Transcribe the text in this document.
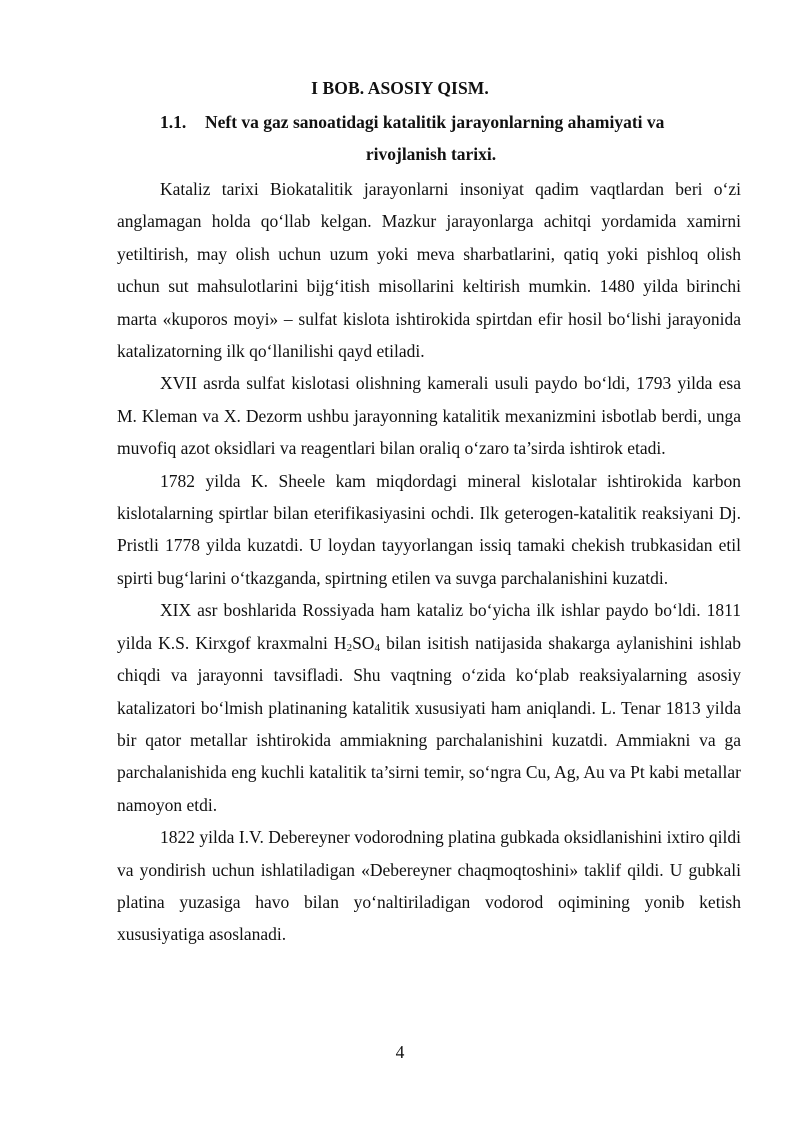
I BOB. ASOSIY QISM.
1.1. Neft va gaz sanoatidagi katalitik jarayonlarning ahamiyati va
rivojlanish tarixi.

Kataliz tarixi Biokatalitik jarayonlarni insoniyat qadim vaqtlardan beri o‘zi anglamagan holda qo‘llab kelgan. Mazkur jarayonlarga achitqi yordamida xamirni yetiltirish, may olish uchun uzum yoki meva sharbatlarini, qatiq yoki pishloq olish uchun sut mahsulotlarini bijg‘itish misollarini keltirish mumkin. 1480 yilda birinchi marta «kuporos moyi» – sulfat kislota ishtirokida spirtdan efir hosil bo‘lishi jarayonida katalizatorning ilk qo‘llanilishi qayd etiladi.

XVII asrda sulfat kislotasi olishning kamerali usuli paydo bo‘ldi, 1793 yilda esa M. Kleman va X. Dezorm ushbu jarayonning katalitik mexanizmini isbotlab berdi, unga muvofiq azot oksidlari va reagentlari bilan oraliq o‘zaro ta’sirda ishtirok etadi.

1782 yilda K. Sheele kam miqdordagi mineral kislotalar ishtirokida karbon kislotalarning spirtlar bilan eterifikasiyasini ochdi. Ilk geterogen-katalitik reaksiyani Dj. Pristli 1778 yilda kuzatdi. U loydan tayyorlangan issiq tamaki chekish trubkasidan etil spirti bug‘larini o‘tkazganda, spirtning etilen va suvga parchalanishini kuzatdi.

XIX asr boshlarida Rossiyada ham kataliz bo‘yicha ilk ishlar paydo bo‘ldi. 1811 yilda K.S. Kirxgof kraxmalni $H_2SO_4$ bilan isitish natijasida shakarga aylanishini ishlab chiqdi va jarayonni tavsifladi. Shu vaqtning o‘zida ko‘plab reaksiyalarning asosiy katalizatori bo‘lmish platinaning katalitik xususiyati ham aniqlandi. L. Tenar 1813 yilda bir qator metallar ishtirokida ammiakning parchalanishini kuzatdi. Ammiakni va ga parchalanishida eng kuchli katalitik ta’sirni temir, so‘ngra Cu, Ag, Au va Pt kabi metallar namoyon etdi.

1822 yilda I.V. Debereyner vodorodning platina gubkada oksidlanishini ixtiro qildi va yondirish uchun ishlatiladigan «Debereyner chaqmoqtoshini» taklif qildi. U gubkali platina yuzasiga havo bilan yo‘naltiriladigan vodorod oqimining yonib ketish xususiyatiga asoslanadi.

4
